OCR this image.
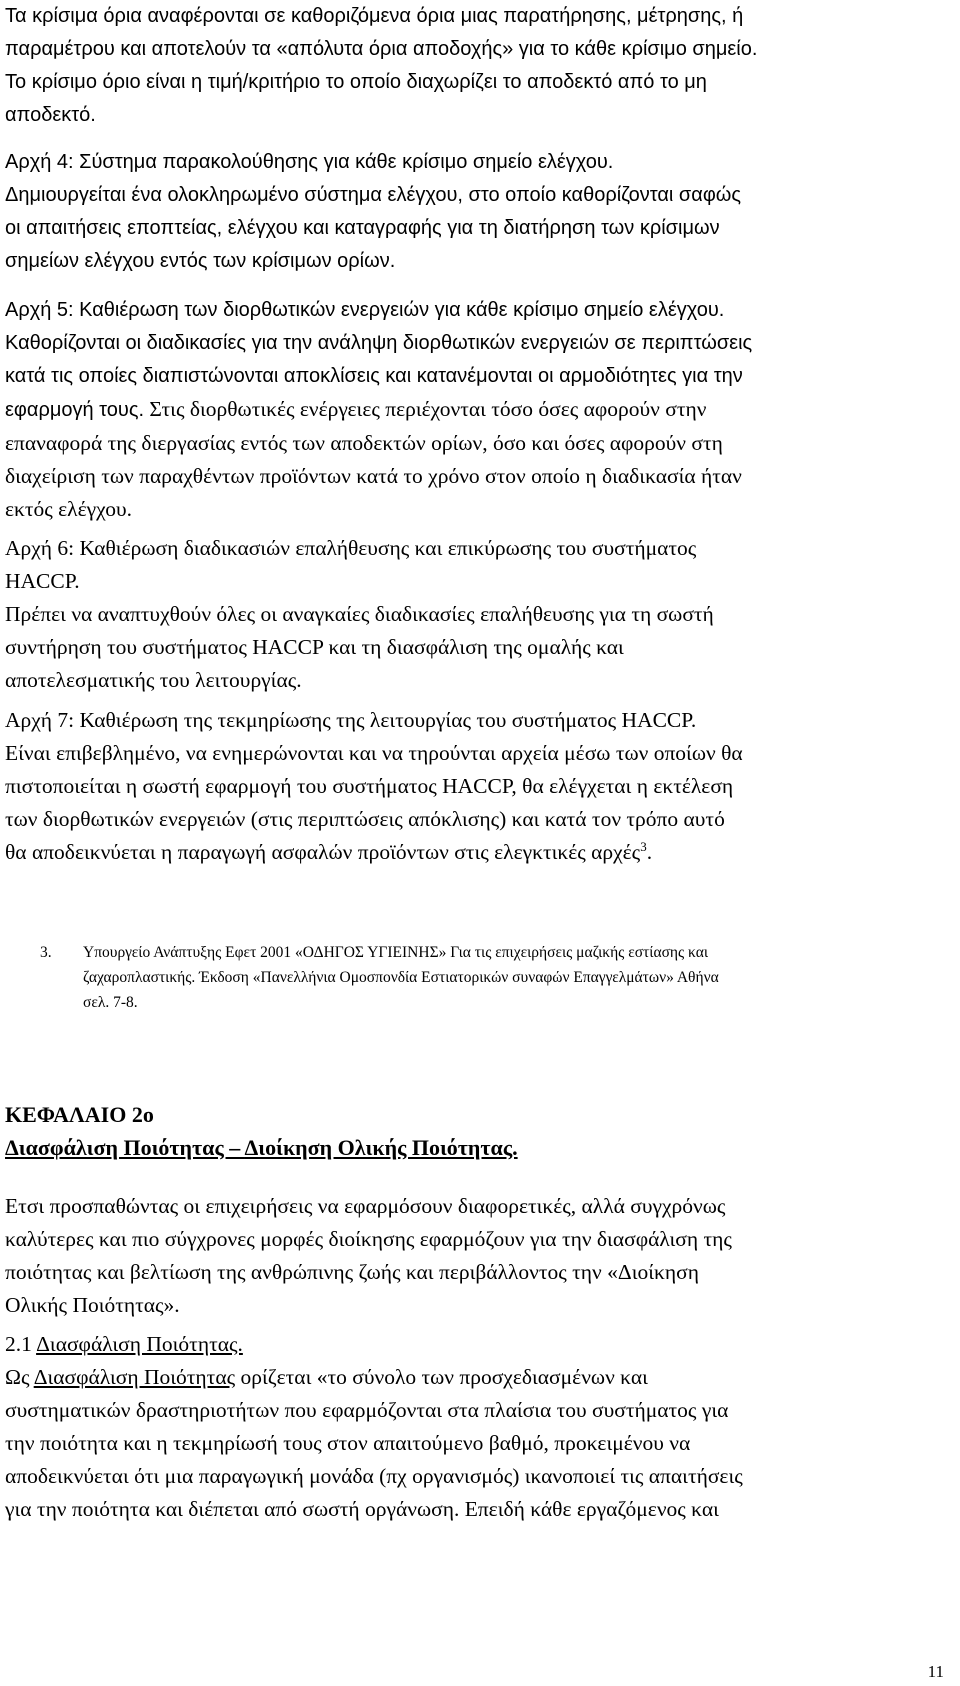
Τα κρίσιμα όρια αναφέρονται σε καθοριζόμενα όρια μιας παρατήρησης, μέτρησης, ή
παραμέτρου και αποτελούν τα «απόλυτα όρια αποδοχής» για το κάθε κρίσιμο σημείο.
Το κρίσιμο όριο είναι η τιμή/κριτήριο το οποίο διαχωρίζει το αποδεκτό από το μη
αποδεκτό.
Αρχή 4: Σύστημα παρακολούθησης για κάθε κρίσιμο σημείο ελέγχου.
Δημιουργείται ένα ολοκληρωμένο σύστημα ελέγχου, στο οποίο καθορίζονται σαφώς
οι απαιτήσεις εποπτείας, ελέγχου και καταγραφής για τη διατήρηση των κρίσιμων
σημείων ελέγχου εντός των κρίσιμων ορίων.
Αρχή 5: Καθιέρωση των διορθωτικών ενεργειών για κάθε κρίσιμο σημείο ελέγχου.
Καθορίζονται οι διαδικασίες για την ανάληψη διορθωτικών ενεργειών σε περιπτώσεις
κατά τις οποίες διαπιστώνονται αποκλίσεις και κατανέμονται οι αρμοδιότητες για την
εφαρμογή τους. Στις διορθωτικές ενέργειες περιέχονται τόσο όσες αφορούν στην
επαναφορά της διεργασίας εντός των αποδεκτών ορίων, όσο και όσες αφορούν στη
διαχείριση των παραχθέντων προϊόντων κατά το χρόνο στον οποίο η διαδικασία ήταν
εκτός ελέγχου.
Αρχή 6: Καθιέρωση διαδικασιών επαλήθευσης και επικύρωσης του συστήματος
HACCP.
Πρέπει να αναπτυχθούν όλες οι αναγκαίες διαδικασίες επαλήθευσης για τη σωστή
συντήρηση του συστήματος HACCP και τη διασφάλιση της ομαλής και
αποτελεσματικής του λειτουργίας.
Αρχή 7: Καθιέρωση της τεκμηρίωσης της λειτουργίας του συστήματος HACCP.
Είναι επιβεβλημένο, να ενημερώνονται και να τηρούνται αρχεία μέσω των οποίων θα
πιστοποιείται η σωστή εφαρμογή του συστήματος HACCP, θα ελέγχεται η εκτέλεση
των διορθωτικών ενεργειών (στις περιπτώσεις απόκλισης) και κατά τον τρόπο αυτό
θα αποδεικνύεται η παραγωγή ασφαλών προϊόντων στις ελεγκτικές αρχές$^3$.
3. Υπουργείο Ανάπτυξης Εφετ 2001 «ΟΔΗΓΟΣ ΥΓΙΕΙΝΗΣ» Για τις επιχειρήσεις μαζικής εστίασης και
ζαχαροπλαστικής. Έκδοση «Πανελλήνια Ομοσπονδία Εστιατορικών συναφών Επαγγελμάτων» Αθήνα
σελ. 7-8.
ΚΕΦΑΛΑΙΟ 2ο
Διασφάλιση Ποιότητας – Διοίκηση Ολικής Ποιότητας.
Ετσι προσπαθώντας οι επιχειρήσεις να εφαρμόσουν διαφορετικές, αλλά συγχρόνως
καλύτερες και πιο σύγχρονες μορφές διοίκησης εφαρμόζουν για την διασφάλιση της
ποιότητας και βελτίωση της ανθρώπινης ζωής και περιβάλλοντος την «Διοίκηση
Ολικής Ποιότητας».
2.1 Διασφάλιση Ποιότητας.
Ως Διασφάλιση Ποιότητας ορίζεται «το σύνολο των προσχεδιασμένων και
συστηματικών δραστηριοτήτων που εφαρμόζονται στα πλαίσια του συστήματος για
την ποιότητα και η τεκμηρίωσή τους στον απαιτούμενο βαθμό, προκειμένου να
αποδεικνύεται ότι μια παραγωγική μονάδα (πχ οργανισμός) ικανοποιεί τις απαιτήσεις
για την ποιότητα και διέπεται από σωστή οργάνωση. Επειδή κάθε εργαζόμενος και
11
